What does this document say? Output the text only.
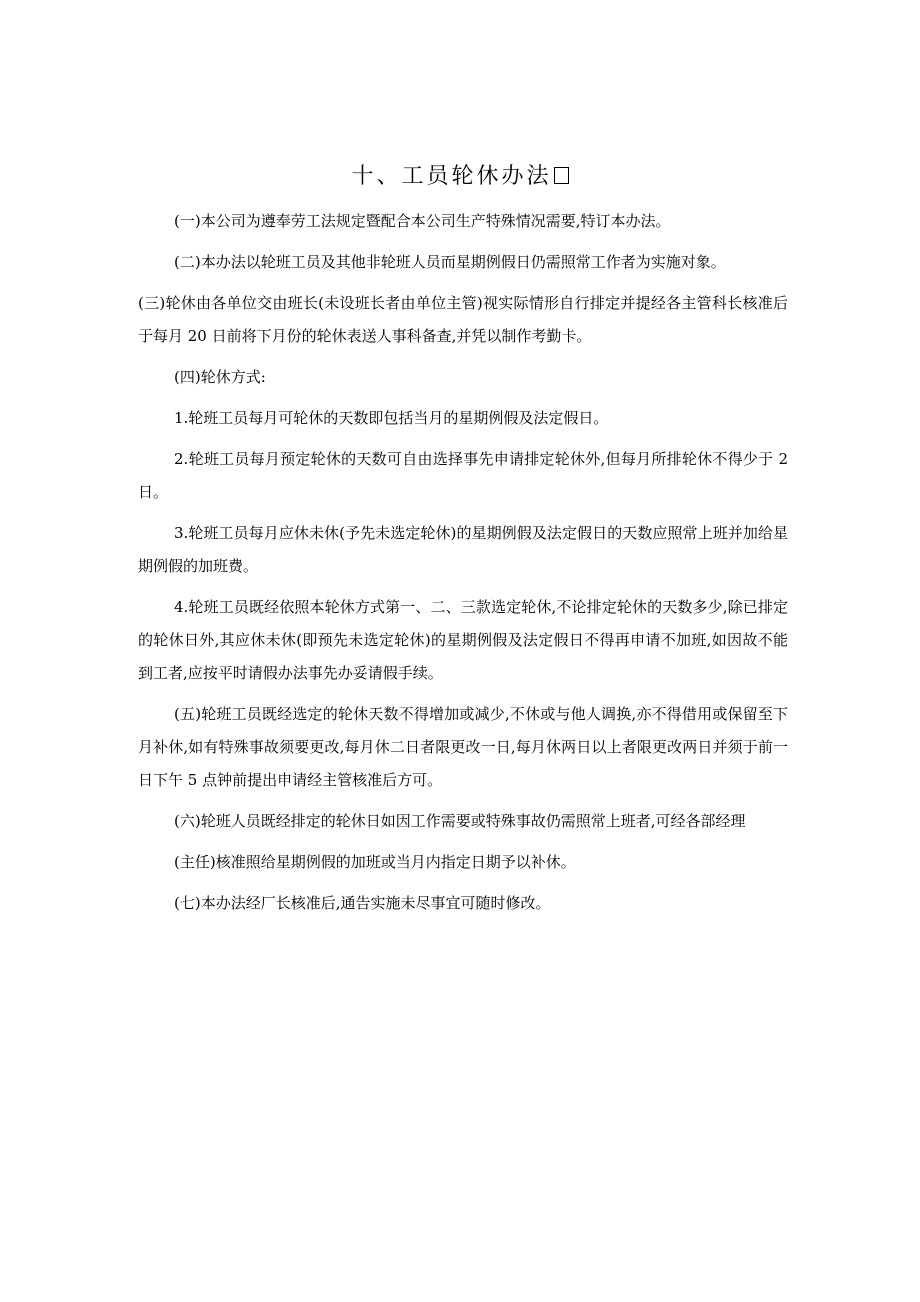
十、工员轮休办法

(一)本公司为遵奉劳工法规定暨配合本公司生产特殊情况需要,特订本办法。

(二)本办法以轮班工员及其他非轮班人员而星期例假日仍需照常工作者为实施对象。

(三)轮休由各单位交由班长(未设班长者由单位主管)视实际情形自行排定并提经各主管科长核准后于每月 20 日前将下月份的轮休表送人事科备查,并凭以制作考勤卡。

(四)轮休方式:

1.轮班工员每月可轮休的天数即包括当月的星期例假及法定假日。

2.轮班工员每月预定轮休的天数可自由选择事先申请排定轮休外,但每月所排轮休不得少于 2 日。

3.轮班工员每月应休未休(予先未选定轮休)的星期例假及法定假日的天数应照常上班并加给星期例假的加班费。

4.轮班工员既经依照本轮休方式第一、二、三款选定轮休,不论排定轮休的天数多少,除已排定的轮休日外,其应休未休(即预先未选定轮休)的星期例假及法定假日不得再申请不加班,如因故不能到工者,应按平时请假办法事先办妥请假手续。

(五)轮班工员既经选定的轮休天数不得增加或减少,不休或与他人调换,亦不得借用或保留至下月补休,如有特殊事故须要更改,每月休二日者限更改一日,每月休两日以上者限更改两日并须于前一日下午 5 点钟前提出申请经主管核准后方可。

(六)轮班人员既经排定的轮休日如因工作需要或特殊事故仍需照常上班者,可经各部经理

(主任)核准照给星期例假的加班或当月内指定日期予以补休。

(七)本办法经厂长核准后,通告实施未尽事宜可随时修改。
